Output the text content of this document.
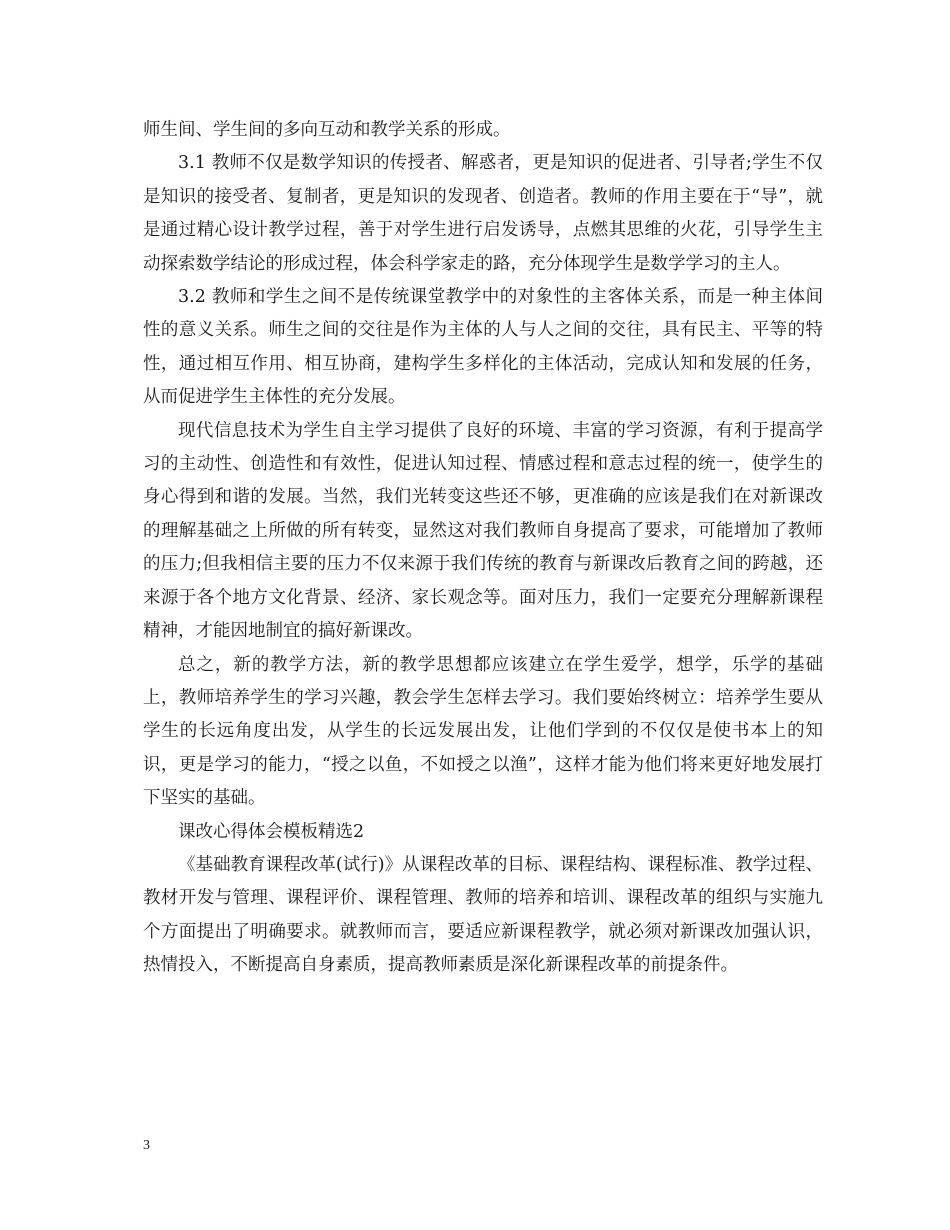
师生间、学生间的多向互动和教学关系的形成。

3.1 教师不仅是数学知识的传授者、解惑者，更是知识的促进者、引导者;学生不仅是知识的接受者、复制者，更是知识的发现者、创造者。教师的作用主要在于“导”，就是通过精心设计教学过程，善于对学生进行启发诱导，点燃其思维的火花，引导学生主动探索数学结论的形成过程，体会科学家走的路，充分体现学生是数学学习的主人。

3.2 教师和学生之间不是传统课堂教学中的对象性的主客体关系，而是一种主体间性的意义关系。师生之间的交往是作为主体的人与人之间的交往，具有民主、平等的特性，通过相互作用、相互协商，建构学生多样化的主体活动，完成认知和发展的任务，从而促进学生主体性的充分发展。

现代信息技术为学生自主学习提供了良好的环境、丰富的学习资源，有利于提高学习的主动性、创造性和有效性，促进认知过程、情感过程和意志过程的统一，使学生的身心得到和谐的发展。当然，我们光转变这些还不够，更准确的应该是我们在对新课改的理解基础之上所做的所有转变，显然这对我们教师自身提高了要求，可能增加了教师的压力;但我相信主要的压力不仅来源于我们传统的教育与新课改后教育之间的跨越，还来源于各个地方文化背景、经济、家长观念等。面对压力，我们一定要充分理解新课程精神，才能因地制宜的搞好新课改。

总之，新的教学方法，新的教学思想都应该建立在学生爱学，想学，乐学的基础上，教师培养学生的学习兴趣，教会学生怎样去学习。我们要始终树立：培养学生要从学生的长远角度出发，从学生的长远发展出发，让他们学到的不仅仅是使书本上的知识，更是学习的能力，“授之以鱼，不如授之以渔”，这样才能为他们将来更好地发展打下坚实的基础。

课改心得体会模板精选2

《基础教育课程改革(试行)》从课程改革的目标、课程结构、课程标准、教学过程、教材开发与管理、课程评价、课程管理、教师的培养和培训、课程改革的组织与实施九个方面提出了明确要求。就教师而言，要适应新课程教学，就必须对新课改加强认识，热情投入，不断提高自身素质，提高教师素质是深化新课程改革的前提条件。

3
